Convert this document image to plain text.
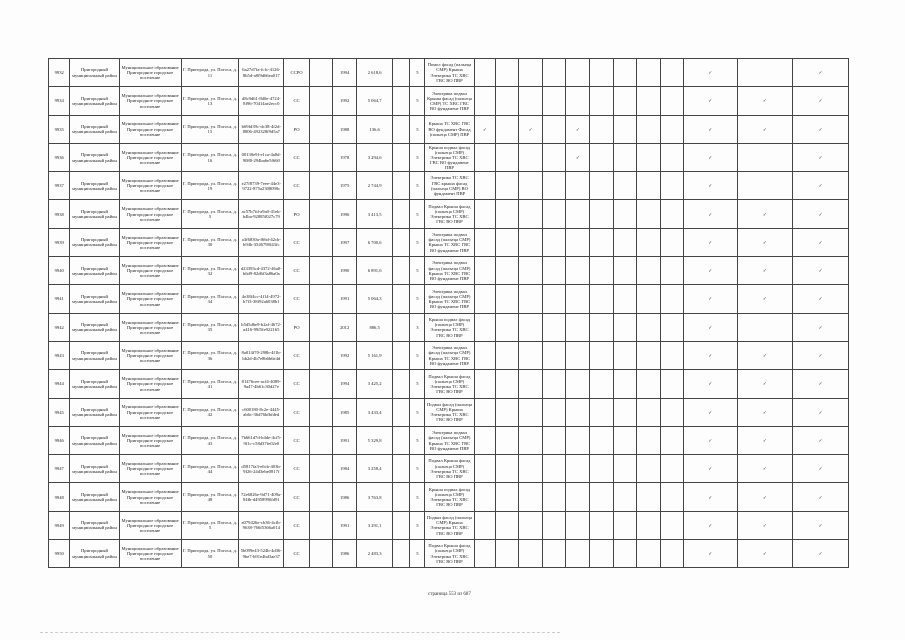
9932	Пригородный муниципальный район	Муниципальное образование Пригородное городское поселение	Г. Пригорода, ул. Погоса, д. 11	6a27d7fa-fcfc-4126-8b5d-a8f9d66ea017	ССРО		1994	2 618,6		5	Помол фасад (пальеца СМР) Крыша Электрика ТС ХВС ГВС ВО ПВР										✓		✓
9934	Пригородный муниципальный район	Муниципальное образование Пригородное городское поселение	Г. Пригорода, ул. Погоса, д. 13	d8c9d61-8d0e-4724-8f96-70414ae2ecc0	СС		1992	5 064,7		5	Электрика подвал Крыша фасад (пальеца СМР) ТС ХВС ГВС ВО фундамент ПВР										✓	✓	✓
9935	Пригородный муниципальный район	Муниципальное образование Пригородное городское поселение	Г. Пригорода, ул. Погоса, д. 15	b69fd39c-dc38-4f2d-8806-492328f9d5a7	РО		1988	136,6		5	Крыша ТС ХВС ГВС ВО фундамент Фасад (пальеца СМР) ПВР	✓		✓		✓					✓	✓	✓
9936	Пригородный муниципальный район	Муниципальное образование Пригородное городское поселение	Г. Пригорода, ул. Погоса, д. 16	00130e9f-e1ca-4a8d-9080-294ba6e5f660	СС		1978	3 294,6		5	Крыша подвал фасад (пальеца СМР) Электрика ТС ХВС ГВС ВО фундамент ПВР					✓					✓		✓
9937	Пригородный муниципальный район	Муниципальное образование Пригородное городское поселение	Г. Пригорода, ул. Погоса, д. 19	e27f8739-7eee-44e3-9722-875a2308090c	СС		1975	2 744,9		5	Электрика ТС ХВС ГВС крыша фасад (пальеца СМР) ВО фундамент ПВР										✓		✓
9938	Пригородный муниципальный район	Муниципальное образование Пригородное городское поселение	Г. Пригорода, ул. Погоса, д. 5	ac57b7fd-a9a0-41eb-b4ba-92885f027c79	РО		1996	3 413,5		5	Подвал Крыша фасад (пальеца СМР) Электрика ТС ХВС ГВС ВО ПВР										✓	✓	✓
9939	Пригородный муниципальный район	Муниципальное образование Пригородное городское поселение	Г. Пригорода, ул. Погоса, д. 30	a3f6830a-f66d-42cb-b94b-3546798f43fc	СС		1997	6 700,6		5	Электрика подвал фасад (пальеца СМР) Крыша ТС ХВС ГВС ВО фундамент ПВР										✓	✓	✓
9940	Пригородный муниципальный район	Муниципальное образование Пригородное городское поселение	Г. Пригорода, ул. Погоса, д. 32	d23393cd-4372-46a0-b6d9-82d6f3a86a0a	СС		1990	6 891,6		5	Электрика подвал фасад (пальеца СМР) Крыша ТС ХВС ГВС ВО фундамент ПВР										✓	✓	✓
9941	Пригородный муниципальный район	Муниципальное образование Пригородное городское поселение	Г. Пригорода, ул. Погоса, д. 34	4e38f4cc-4f14-4972-b7f3-38f92a6038b1	СС		1991	5 064,3		5	Электрика подвал фасад (пальеца СМР) Крыша ТС ХВС ГВС ВО фундамент ПВР										✓	✓	✓
9942	Пригородный муниципальный район	Муниципальное образование Пригородное городское поселение	Г. Пригорода, ул. Погоса, д. 35	b5d5d6e9-b2af-4672-a416-99f5fe922165	РО		2012	886,5		3	Крыша подвал фасад (пальеца СМР) Электрика ТС ХВС ГВС ВО ПВР										✓		✓
9943	Пригородный муниципальный район	Муниципальное образование Пригородное городское поселение	Г. Пригорода, ул. Погоса, д. 36	8a014f70-298b-4f1b-bb2d-4b7e8b6b6e4d	СС		1992	5 161,9		5	Электрика подвал фасад (пальеца СМР) Крыша ТС ХВС ГВС ВО фундамент ПВР										✓	✓	✓
9944	Пригородный муниципальный район	Муниципальное образование Пригородное городское поселение	Г. Пригорода, ул. Погоса, д. 41	81476cee-acf4-4089-9a47-4b61c30d27e	СС		1994	3 425,2		5	Подвал Крыша фасад (пальеца СМР) Электрика ТС ХВС ГВС ВО ПВР										✓	✓	✓
9945	Пригородный муниципальный район	Муниципальное образование Пригородное городское поселение	Г. Пригорода, ул. Погоса, д. 42	c600180-8c2e-4445-ab6c-36d76bfbfded	СС		1985	3 433,4		5	Подвал фасад (пальеца СМР) Крыша Электрика ТС ХВС ГВС ВО ПВР										✓	✓	✓
9946	Пригородный муниципальный район	Муниципальное образование Пригородное городское поселение	Г. Пригорода, ул. Погоса, д. 43	7b661d7d-b4de-4cf5-9f1c-c58d37fe02e0	СС		1991	5 329,8		5	Электрика подвал фасад (пальеца СМР) Крыша ТС ХВС ГВС ВО фундамент ПВР										✓	✓	✓
9947	Пригородный муниципальный район	Муниципальное образование Пригородное городское поселение	Г. Пригорода, ул. Погоса, д. 44	d5817fa3-e6cb-403b-9f26-24d3ebe0817f	СС		1984	3 258,4		5	Подвал Крыша фасад (пальеца СМР) Электрика ТС ХВС ГВС ВО ПВР										✓	✓	✓
9948	Пригородный муниципальный район	Муниципальное образование Пригородное городское поселение	Г. Пригорода, ул. Погоса, д. 48	72e6826e-9d71-409a-94fb-d4958990fd91	СС		1986	3 763,8		5	Крыша подвал фасад (пальеца СМР) Электрика ТС ХВС ГВС ВО ПВР										✓	✓	✓
9949	Пригородный муниципальный район	Муниципальное образование Пригородное городское поселение	Г. Пригорода, ул. Погоса, д. 5	a079426e-cb36-4cfb-9638-766f5366a014	СС		1991	3 291,1		5	Подвал фасад (пальеца СМР) Крыша Электрика ТС ХВС ГВС ВО ПВР										✓	✓	✓
9950	Пригородный муниципальный район	Муниципальное образование Пригородное городское поселение	Г. Пригорода, ул. Погоса, д. 50	5b099e43-524b-4d36-9be7-b91e4bd3ae37	СС		1986	2 483,3		5	Подвал Крыша фасад (пальеца СМР) Электрика ТС ХВС ГВС ВО ПВР										✓	✓	✓
страница 553 из 687
